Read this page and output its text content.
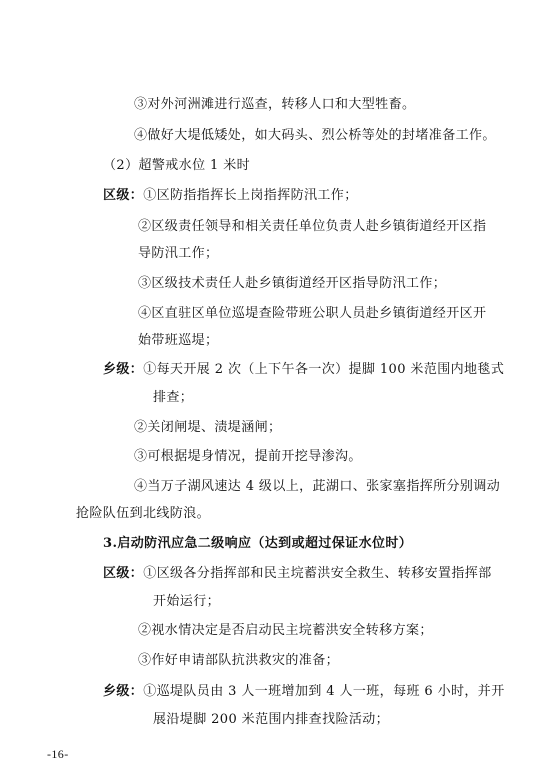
③对外河洲滩进行巡查，转移人口和大型牲畜。
④做好大堤低矮处，如大码头、烈公桥等处的封堵准备工作。
（2）超警戒水位 1 米时
区级：①区防指指挥长上岗指挥防汛工作；
②区级责任领导和相关责任单位负责人赴乡镇街道经开区指
导防汛工作；
③区级技术责任人赴乡镇街道经开区指导防汛工作；
④区直驻区单位巡堤查险带班公职人员赴乡镇街道经开区开
始带班巡堤；
乡级：①每天开展 2 次（上下午各一次）提脚 100 米范围内地毯式
排查；
②关闭闸堤、渍堤涵闸；
③可根据堤身情况，提前开挖导渗沟。
④当万子湖风速达 4 级以上，茈湖口、张家塞指挥所分别调动
抢险队伍到北线防浪。
3.启动防汛应急二级响应（达到或超过保证水位时）
区级：①区级各分指挥部和民主垸蓄洪安全救生、转移安置指挥部
开始运行；
②视水情决定是否启动民主垸蓄洪安全转移方案；
③作好申请部队抗洪救灾的准备；
乡级：①巡堤队员由 3 人一班增加到 4 人一班，每班 6 小时，并开
展沿堤脚 200 米范围内排查找险活动；
-16-
